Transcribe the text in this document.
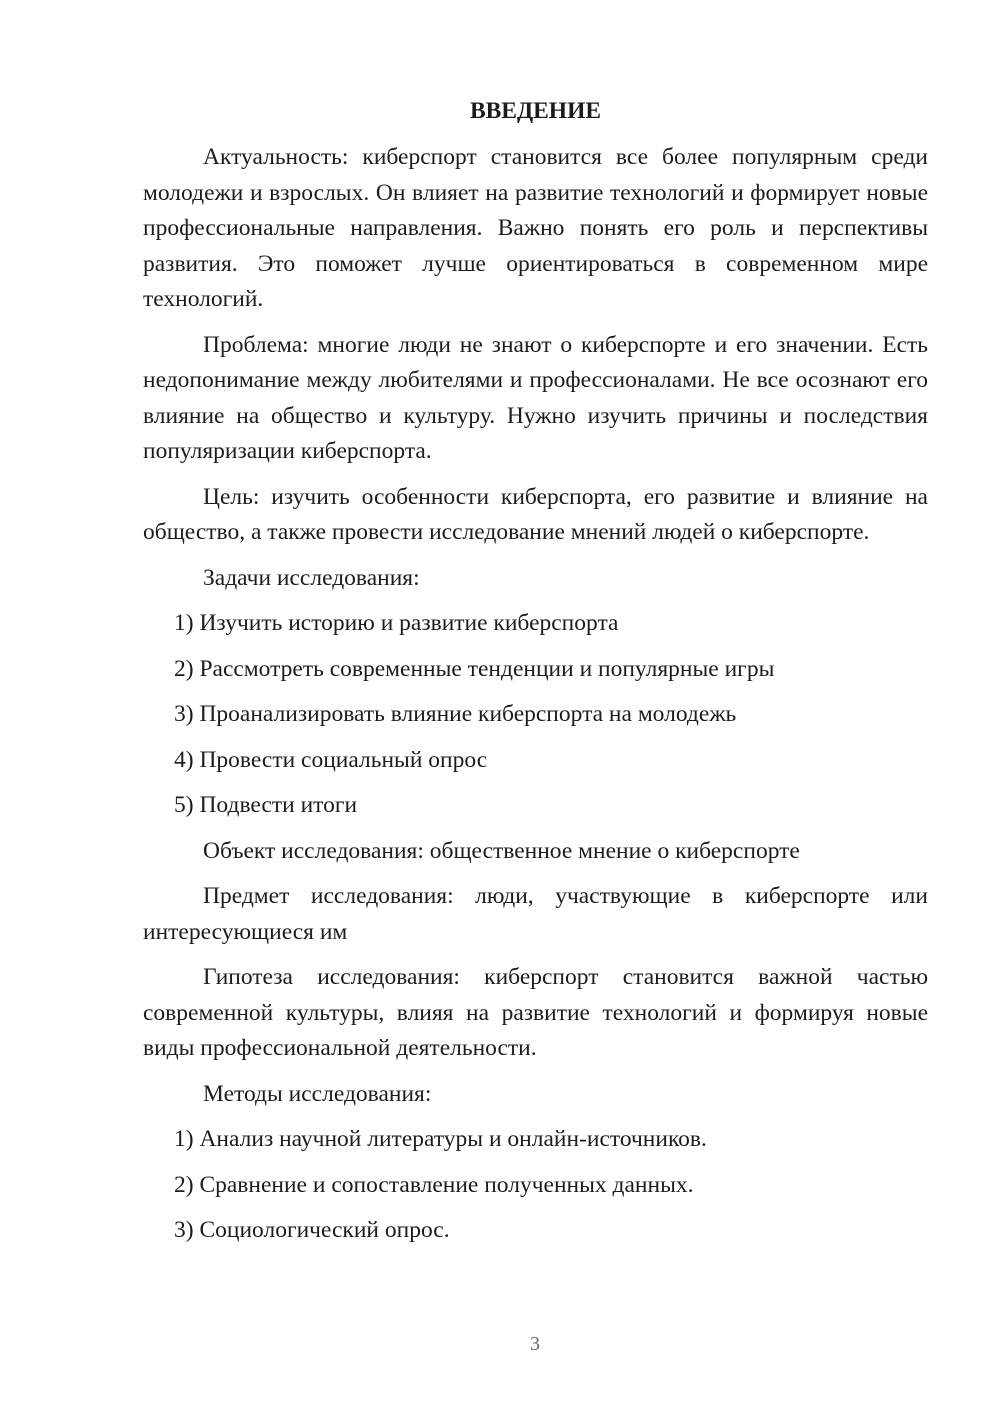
ВВЕДЕНИЕ

Актуальность: киберспорт становится все более популярным среди молодежи и взрослых. Он влияет на развитие технологий и формирует новые профессиональные направления. Важно понять его роль и перспективы развития. Это поможет лучше ориентироваться в современном мире технологий.

Проблема: многие люди не знают о киберспорте и его значении. Есть недопонимание между любителями и профессионалами. Не все осознают его влияние на общество и культуру. Нужно изучить причины и последствия популяризации киберспорта.

Цель: изучить особенности киберспорта, его развитие и влияние на общество, а также провести исследование мнений людей о киберспорте.

Задачи исследования:

1) Изучить историю и развитие киберспорта

2) Рассмотреть современные тенденции и популярные игры

3) Проанализировать влияние киберспорта на молодежь

4) Провести социальный опрос

5) Подвести итоги

Объект исследования: общественное мнение о киберспорте

Предмет исследования: люди, участвующие в киберспорте или интересующиеся им

Гипотеза исследования: киберспорт становится важной частью современной культуры, влияя на развитие технологий и формируя новые виды профессиональной деятельности.

Методы исследования:

1) Анализ научной литературы и онлайн-источников.

2) Сравнение и сопоставление полученных данных.

3) Социологический опрос.

3
